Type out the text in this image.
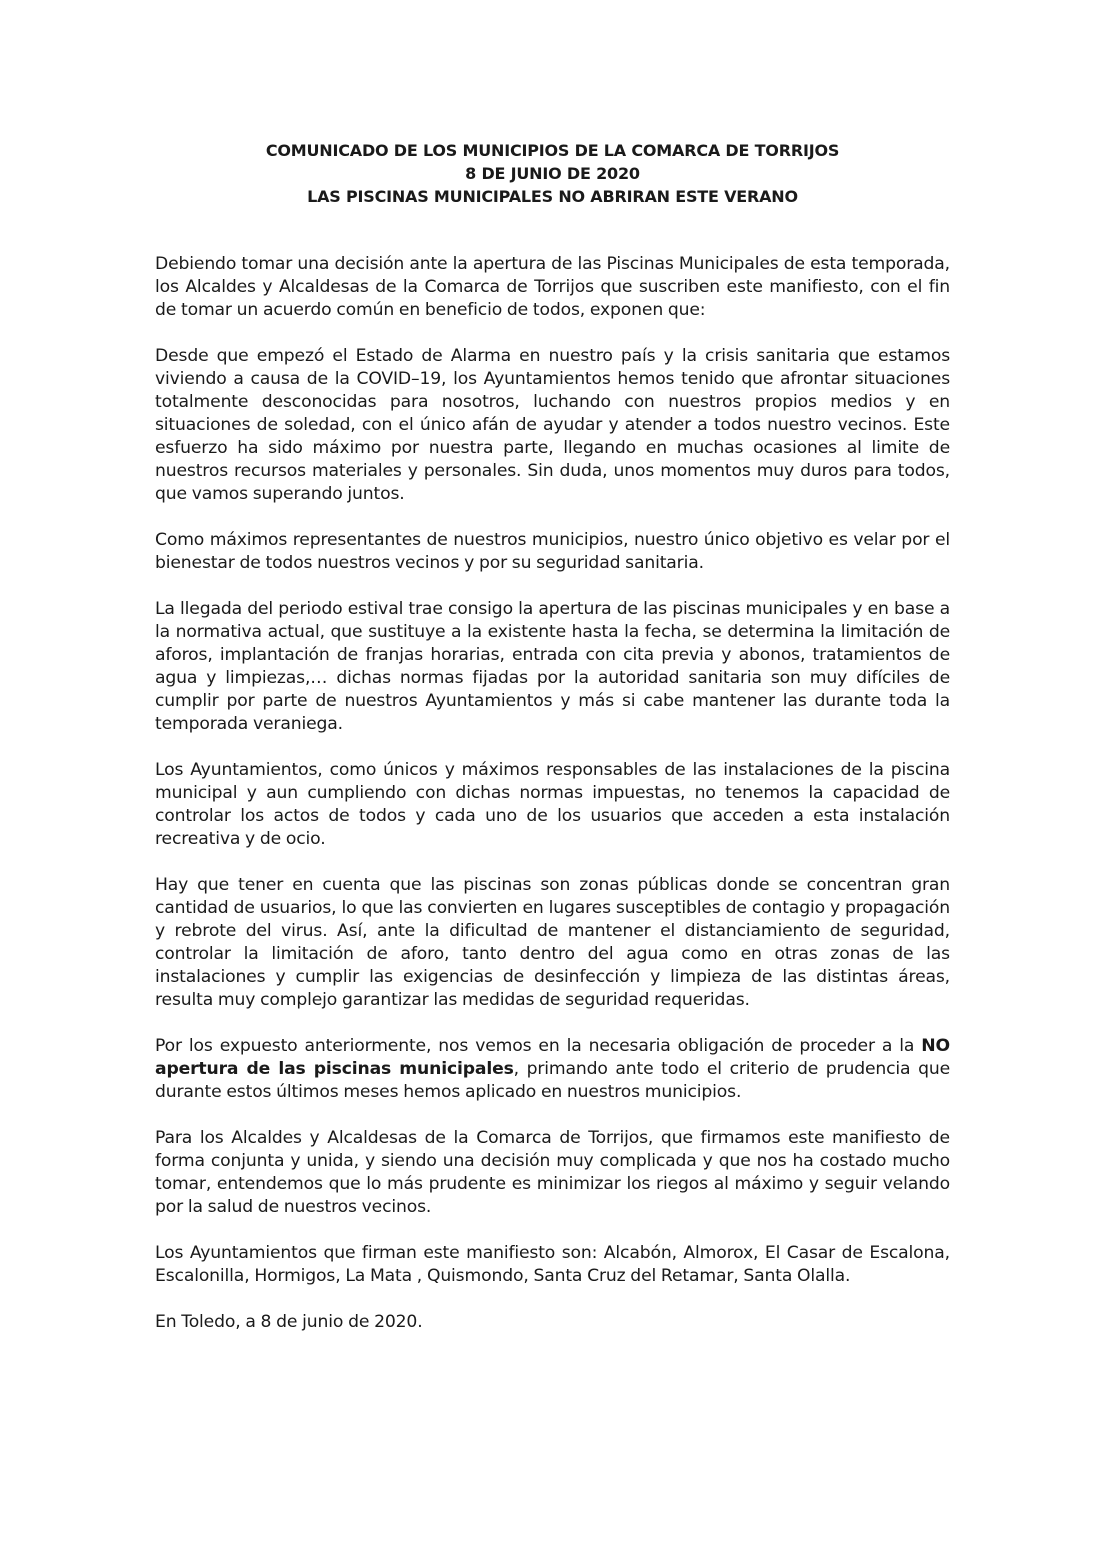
COMUNICADO DE LOS MUNICIPIOS DE LA COMARCA DE TORRIJOS
8 DE JUNIO DE 2020
LAS PISCINAS MUNICIPALES NO ABRIRAN ESTE VERANO

Debiendo tomar una decisión ante la apertura de las Piscinas Municipales de esta temporada, los Alcaldes y Alcaldesas de la Comarca de Torrijos que suscriben este manifiesto, con el fin de tomar un acuerdo común en beneficio de todos, exponen que:

Desde que empezó el Estado de Alarma en nuestro país y la crisis sanitaria que estamos viviendo a causa de la COVID–19, los Ayuntamientos hemos tenido que afrontar situaciones totalmente desconocidas para nosotros, luchando con nuestros propios medios y en situaciones de soledad, con el único afán de ayudar y atender a todos nuestro vecinos. Este esfuerzo ha sido máximo por nuestra parte, llegando en muchas ocasiones al limite de nuestros recursos materiales y personales. Sin duda, unos momentos muy duros para todos, que vamos superando juntos.

Como máximos representantes de nuestros municipios, nuestro único objetivo es velar por el bienestar de todos nuestros vecinos y por su seguridad sanitaria.

La llegada del periodo estival trae consigo la apertura de las piscinas municipales y en base a la normativa actual, que sustituye a la existente hasta la fecha, se determina la limitación de aforos, implantación de franjas horarias, entrada con cita previa y abonos, tratamientos de agua y limpiezas,… dichas normas fijadas por la autoridad sanitaria son muy difíciles de cumplir por parte de nuestros Ayuntamientos y más si cabe mantener las durante toda la temporada veraniega.

Los Ayuntamientos, como únicos y máximos responsables de las instalaciones de la piscina municipal y aun cumpliendo con dichas normas impuestas, no tenemos la capacidad de controlar los actos de todos y cada uno de los usuarios que acceden a esta instalación recreativa y de ocio.

Hay que tener en cuenta que las piscinas son zonas públicas donde se concentran gran cantidad de usuarios, lo que las convierten en lugares susceptibles de contagio y propagación y rebrote del virus. Así, ante la dificultad de mantener el distanciamiento de seguridad, controlar la limitación de aforo, tanto dentro del agua como en otras zonas de las instalaciones y cumplir las exigencias de desinfección y limpieza de las distintas áreas, resulta muy complejo garantizar las medidas de seguridad requeridas.

Por los expuesto anteriormente, nos vemos en la necesaria obligación de proceder a la NO apertura de las piscinas municipales, primando ante todo el criterio de prudencia que durante estos últimos meses hemos aplicado en nuestros municipios.

Para los Alcaldes y Alcaldesas de la Comarca de Torrijos, que firmamos este manifiesto de forma conjunta y unida, y siendo una decisión muy complicada y que nos ha costado mucho tomar, entendemos que lo más prudente es minimizar los riegos al máximo y seguir velando por la salud de nuestros vecinos.

Los Ayuntamientos que firman este manifiesto son: Alcabón, Almorox, El Casar de Escalona, Escalonilla, Hormigos, La Mata , Quismondo, Santa Cruz del Retamar, Santa Olalla.

En Toledo, a 8 de junio de 2020.
